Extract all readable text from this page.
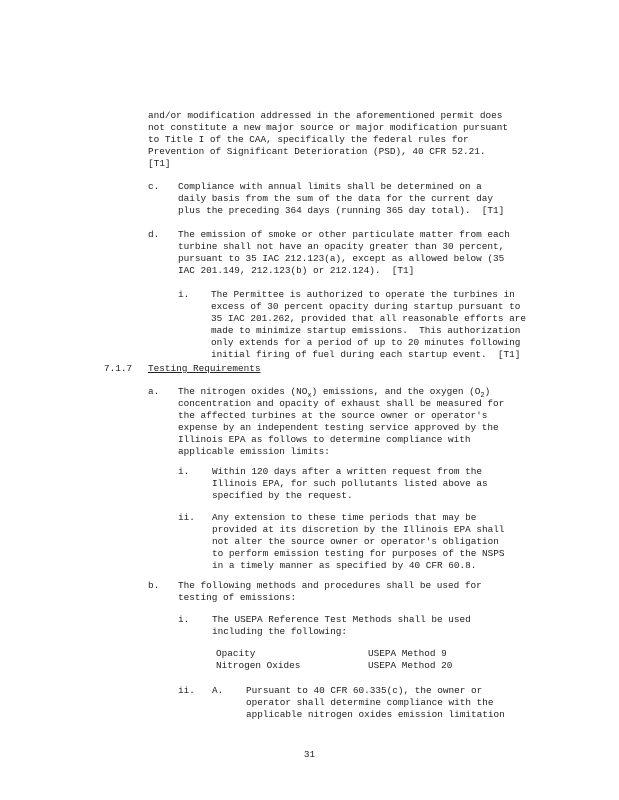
and/or modification addressed in the aforementioned permit does
not constitute a new major source or major modification pursuant
to Title I of the CAA, specifically the federal rules for
Prevention of Significant Deterioration (PSD), 40 CFR 52.21.
[T1]
c. Compliance with annual limits shall be determined on a
daily basis from the sum of the data for the current day
plus the preceding 364 days (running 365 day total).  [T1]
d. The emission of smoke or other particulate matter from each
turbine shall not have an opacity greater than 30 percent,
pursuant to 35 IAC 212.123(a), except as allowed below (35
IAC 201.149, 212.123(b) or 212.124).  [T1]
i. The Permittee is authorized to operate the turbines in
excess of 30 percent opacity during startup pursuant to
35 IAC 201.262, provided that all reasonable efforts are
made to minimize startup emissions.  This authorization
only extends for a period of up to 20 minutes following
initial firing of fuel during each startup event.  [T1]
7.1.7 Testing Requirements
a. The nitrogen oxides $(NO_x)$ emissions, and the oxygen $(O_2)$
concentration and opacity of exhaust shall be measured for
the affected turbines at the source owner or operator's
expense by an independent testing service approved by the
Illinois EPA as follows to determine compliance with
applicable emission limits:
i. Within 120 days after a written request from the
Illinois EPA, for such pollutants listed above as
specified by the request.
ii. Any extension to these time periods that may be
provided at its discretion by the Illinois EPA shall
not alter the source owner or operator's obligation
to perform emission testing for purposes of the NSPS
in a timely manner as specified by 40 CFR 60.8.
b. The following methods and procedures shall be used for
testing of emissions:
i. The USEPA Reference Test Methods shall be used
including the following:
Opacity	USEPA Method 9
Nitrogen Oxides	USEPA Method 20
ii. A. Pursuant to 40 CFR 60.335(c), the owner or
operator shall determine compliance with the
applicable nitrogen oxides emission limitation
31
